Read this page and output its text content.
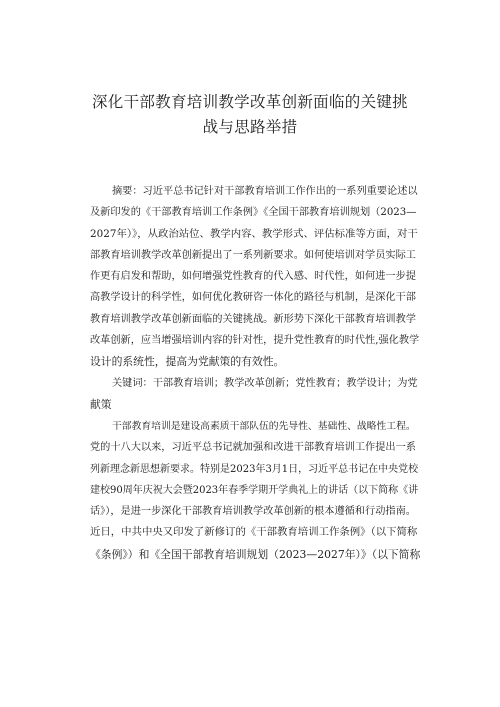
深化干部教育培训教学改革创新面临的关键挑
战与思路举措
摘要：习近平总书记针对干部教育培训工作作出的一系列重要论述以
及新印发的《干部教育培训工作条例》《全国干部教育培训规划（2023—
2027年）》，从政治站位、教学内容、教学形式、评估标准等方面，对干
部教育培训教学改革创新提出了一系列新要求。如何使培训对学员实际工
作更有启发和帮助，如何增强党性教育的代入感、时代性，如何进一步提
高教学设计的科学性，如何优化教研咨一体化的路径与机制，是深化干部
教育培训教学改革创新面临的关键挑战。新形势下深化干部教育培训教学
改革创新，应当增强培训内容的针对性，提升党性教育的时代性,强化教学
设计的系统性，提高为党献策的有效性。
关键词：干部教育培训；教学改革创新；党性教育；教学设计；为党
献策
干部教育培训是建设高素质干部队伍的先导性、基础性、战略性工程。
党的十八大以来，习近平总书记就加强和改进干部教育培训工作提出一系
列新理念新思想新要求。特别是2023年3月1日，习近平总书记在中央党校
建校90周年庆祝大会暨2023年春季学期开学典礼上的讲话（以下简称《讲
话》），是进一步深化干部教育培训教学改革创新的根本遵循和行动指南。
近日，中共中央又印发了新修订的《干部教育培训工作条例》（以下简称
《条例》）和《全国干部教育培训规划（2023—2027年）》（以下简称
